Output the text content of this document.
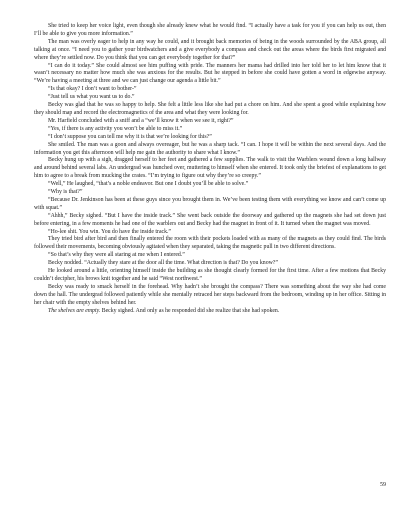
She tried to keep her voice light, even though she already knew what he would find. “I actually have a task for you if you can help us out, then I’ll be able to give you more information.”

The man was overly eager to help in any way he could, and it brought back memories of being in the woods surrounded by the ABA group, all talking at once. “I need you to gather your birdwatchers and a give everybody a compass and check out the areas where the birds first migrated and where they’re settled now. Do you think that you can get everybody together for that?”

“I can do it today.” She could almost see him puffing with pride. The manners her mama had drilled into her told her to let him know that it wasn’t necessary no matter how much she was anxious for the results. But he stepped in before she could have gotten a word in edgewise anyway. “We’re having a meeting at three and we can just change our agenda a little bit.”

“Is that okay? I don’t want to bother-”

“Just tell us what you want us to do.”

Becky was glad that he was so happy to help. She felt a little less like she had put a chore on him. And she spent a good while explaining how they should map and record the electromagnetics of the area and what they were looking for.

Mr. Harfield concluded with a sniff and a “we’ll know it when we see it, right?”

“Yes, if there is any activity you won’t be able to miss it.”

“I don’t suppose you can tell me why it is that we’re looking for this?”

She smiled. The man was a goon and always overeager, but he was a sharp tack. “I can. I hope it will be within the next several days. And the information you get this afternoon will help me gain the authority to share what I know.”

Becky hung up with a sigh, dragged herself to her feet and gathered a few supplies. The walk to visit the Warblers wound down a long hallway and around behind several labs. An undergrad was hunched over, muttering to himself when she entered. It took only the briefest of explanations to get him to agree to a break from mucking the crates. “I’m trying to figure out why they’re so creepy.”

“Well,” He laughed, “that’s a noble endeavor. But one I doubt you’ll be able to solve.”

“Why is that?”

“Because Dr. Jenkinson has been at these guys since you brought them in. We’ve been testing them with everything we know and can’t come up with squat.”

“Ahhh,” Becky sighed. “But I have the inside track.” She went back outside the doorway and gathered up the magnets she had set down just before entering, in a few moments he had one of the warblers out and Becky had the magnet in front of it. It turned when the magnet was moved.

“Ho-lee shit. You win. You do have the inside track.”

They tried bird after bird and then finally entered the room with their pockets loaded with as many of the magnets as they could find. The birds followed their movements, becoming obviously agitated when they separated, taking the magnetic pull in two different directions.

“So that’s why they were all staring at me when I entered.”

Becky nodded. “Actually they stare at the door all the time. What direction is that? Do you know?”

He looked around a little, orienting himself inside the building as she thought clearly formed for the first time. After a few motions that Becky couldn’t decipher, his brows knit together and he said “West northwest.”

Becky was ready to smack herself in the forehead. Why hadn’t she brought the compass? There was something about the way she had come down the hall. The undergrad followed patiently while she mentally retraced her steps backward from the bedroom, winding up in her office. Sitting in her chair with the empty shelves behind her.

The shelves are empty. Becky sighed. And only as he responded did she realize that she had spoken.

59
